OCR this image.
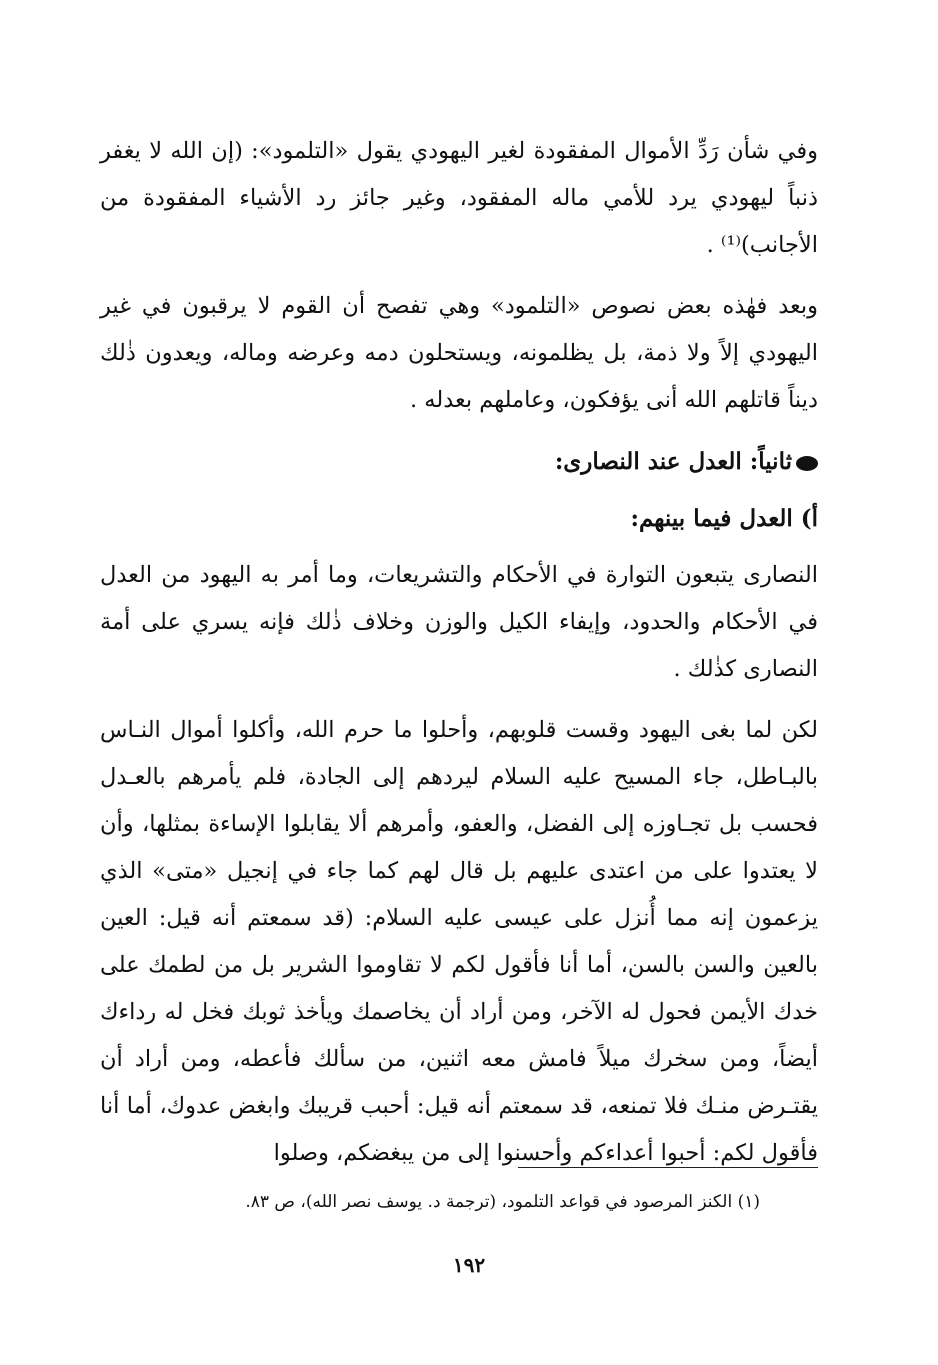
وفي شأن رَدِّ الأموال المفقودة لغير اليهودي يقول «التلمود»: (إن الله لا يغفر ذنباً ليهودي يرد للأمي ماله المفقود، وغير جائز رد الأشياء المفقودة من الأجانب)⁽¹⁾ .

وبعد فهٰذه بعض نصوص «التلمود» وهي تفصح أن القوم لا يرقبون في غير اليهودي إلاً ولا ذمة، بل يظلمونه، ويستحلون دمه وعرضه وماله، ويعدون ذٰلك ديناً قاتلهم الله أنى يؤفكون، وعاملهم بعدله .

ثانياً: العدل عند النصارى:
أ) العدل فيما بينهم:

النصارى يتبعون التوارة في الأحكام والتشريعات، وما أمر به اليهود من العدل في الأحكام والحدود، وإيفاء الكيل والوزن وخلاف ذٰلك فإنه يسري على أمة النصارى كذٰلك .

لكن لما بغى اليهود وقست قلوبهم، وأحلوا ما حرم الله، وأكلوا أموال النـاس بالبـاطل، جاء المسيح عليه السلام ليردهم إلى الجادة، فلم يأمرهم بالعـدل فحسب بل تجـاوزه إلى الفضل، والعفو، وأمرهم ألا يقابلوا الإساءة بمثلها، وأن لا يعتدوا على من اعتدى عليهم بل قال لهم كما جاء في إنجيل «متى» الذي يزعمون إنه مما أُنزل على عيسى عليه السلام: (قد سمعتم أنه قيل: العين بالعين والسن بالسن، أما أنا فأقول لكم لا تقاوموا الشرير بل من لطمك على خدك الأيمن فحول له الآخر، ومن أراد أن يخاصمك ويأخذ ثوبك فخل له رداءك أيضاً، ومن سخرك ميلاً فامش معه اثنين، من سألك فأعطه، ومن أراد أن يقتـرض منـك فلا تمنعه، قد سمعتم أنه قيل: أحبب قريبك وابغض عدوك، أما أنا فأقول لكم: أحبوا أعداءكم وأحسنوا إلى من يبغضكم، وصلوا

(١) الكنز المرصود في قواعد التلمود، (ترجمة د. يوسف نصر الله)، ص ٨٣.
١٩٢
